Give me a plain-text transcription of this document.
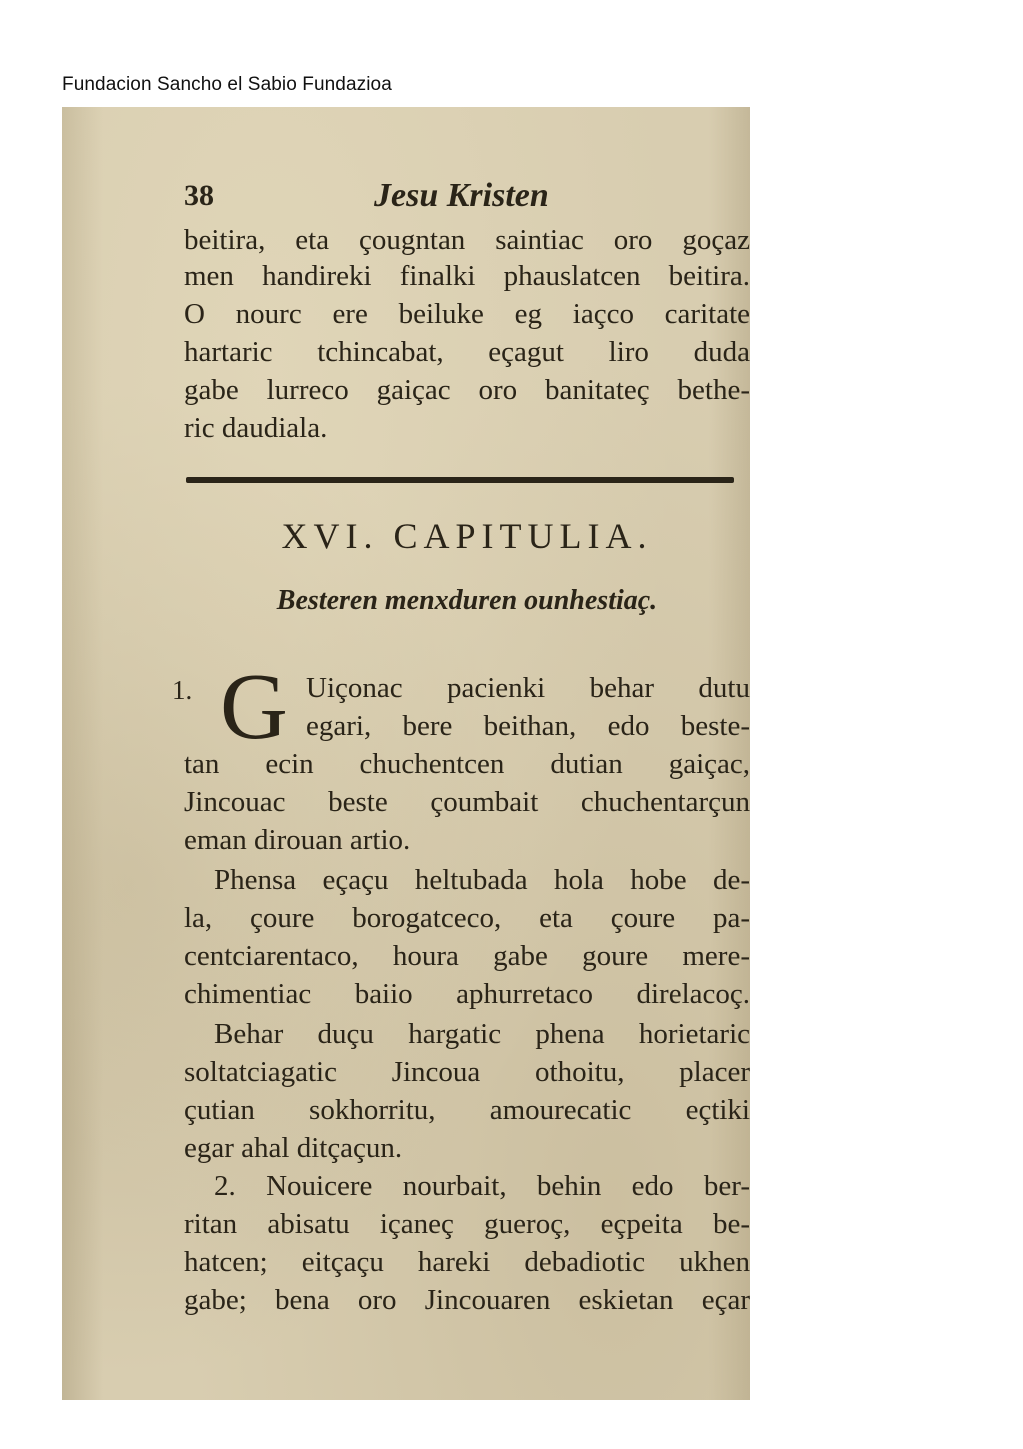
Fundacion Sancho el Sabio Fundazioa
38	Jesu Kristen
beitira, eta çougntan saintiac oro goçaz
men handireki finalki phauslatcen beitira.
O nourc ere beiluke eg iaçco caritate
hartaric tchincabat, eçagut liro duda
gabe lurreco gaiçac oro banitateç bethe-
ric daudiala.
XVI. CAPITULIA.
Besteren menxduren ounhestiaç.
1. G Uiçonac pacienki behar dutu
egari, bere beithan, edo beste-
tan ecin chuchentcen dutian gaiçac,
Jincouac beste çoumbait chuchentarçun
eman dirouan artio.
Phensa eçaçu heltubada hola hobe de-
la, çoure borogatceco, eta çoure pa-
centciarentaco, houra gabe goure mere-
chimentiac baiio aphurretaco direlacoç.
Behar duçu hargatic phena horietaric
soltatciagatic Jincoua othoitu, placer
çutian sokhorritu, amourecatic eçtiki
egar ahal ditçaçun.
2. Nouicere nourbait, behin edo ber-
ritan abisatu içaneç gueroç, eçpeita be-
hatcen; eitçaçu hareki debadiotic ukhen
gabe; bena oro Jincouaren eskietan eçar
